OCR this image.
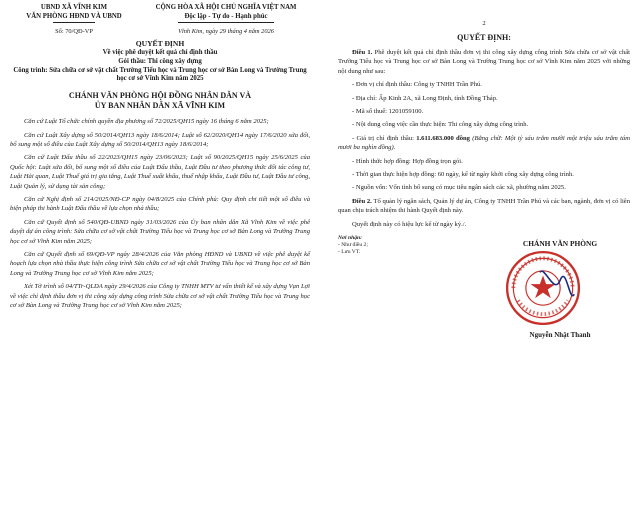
UBND XÃ VĨNH KIM
VĂN PHÒNG HĐND VÀ UBND
CỘNG HÒA XÃ HỘI CHỦ NGHĨA VIỆT NAM
Độc lập - Tự do - Hạnh phúc
Số: 70/QĐ-VP	Vĩnh Kim, ngày 29 tháng 4 năm 2026
QUYẾT ĐỊNH
Về việc phê duyệt kết quả chỉ định thầu
Gói thầu: Thi công xây dựng
Công trình: Sửa chữa cơ sở vật chất Trường Tiểu học và Trung học cơ sở Bàn Long và Trường Trung học cơ sở Vĩnh Kim năm 2025
CHÁNH VĂN PHÒNG HỘI ĐỒNG NHÂN DÂN VÀ
ỦY BAN NHÂN DÂN XÃ VĨNH KIM

Căn cứ Luật Tổ chức chính quyền địa phương số 72/2025/QH15 ngày 16 tháng 6 năm 2025;

Căn cứ Luật Xây dựng số 50/2014/QH13 ngày 18/6/2014; Luật số 62/2020/QH14 ngày 17/6/2020 sửa đổi, bổ sung một số điều của Luật Xây dựng số 50/2014/QH13 ngày 18/6/2014;

Căn cứ Luật Đấu thầu số 22/2023/QH15 ngày 23/06/2023; Luật số 90/2025/QH15 ngày 25/6/2025 của Quốc hội: Luật sửa đổi, bổ sung một số điều của Luật Đấu thầu, Luật Đầu tư theo phương thức đối tác công tư, Luật Hải quan, Luật Thuế giá trị gia tăng, Luật Thuế xuất khẩu, thuế nhập khẩu, Luật Đầu tư, Luật Đầu tư công, Luật Quản lý, sử dụng tài sản công;

Căn cứ Nghị định số 214/2025/NĐ-CP ngày 04/8/2025 của Chính phủ: Quy định chi tiết một số điều và biện pháp thi hành Luật Đấu thầu về lựa chọn nhà thầu;

Căn cứ Quyết định số 540/QĐ-UBND ngày 31/03/2026 của Ủy ban nhân dân Xã Vĩnh Kim về việc phê duyệt dự án công trình: Sửa chữa cơ sở vật chất Trường Tiểu học và Trung học cơ sở Bàn Long và Trường Trung học cơ sở Vĩnh Kim năm 2025;

Căn cứ Quyết định số 69/QĐ-VP ngày 28/4/2026 của Văn phòng HĐND và UBND về việc phê duyệt kế hoạch lựa chọn nhà thầu thực hiện công trình Sửa chữa cơ sở vật chất Trường Tiểu học và Trung học cơ sở Bàn Long và Trường Trung học cơ sở Vĩnh Kim năm 2025;

Xét Tờ trình số 04/TTr-QLDA ngày 29/4/2026 của Công ty TNHH MTV tư vấn thiết kế và xây dựng Vạn Lợi về việc chỉ định thầu đơn vị thi công xây dựng công trình Sửa chữa cơ sở vật chất Trường Tiểu học và Trung học cơ sở Bàn Long và Trường Trung học cơ sở Vĩnh Kim năm 2025;

2
QUYẾT ĐỊNH:

Điều 1. Phê duyệt kết quả chỉ định thầu đơn vị thi công xây dựng công trình Sửa chữa cơ sở vật chất Trường Tiểu học và Trung học cơ sở Bàn Long và Trường Trung học cơ sở Vĩnh Kim năm 2025 với những nội dung như sau:

- Đơn vị chỉ định thầu: Công ty TNHH Trần Phú.

- Địa chỉ: Ấp Kinh 2A, xã Long Định, tỉnh Đồng Tháp.

- Mã số thuế: 1201059100.

- Nội dung công việc cần thực hiện: Thi công xây dựng công trình.

- Giá trị chỉ định thầu: 1.611.683.000 đồng (Bằng chữ: Một tỷ sáu trăm mười một triệu sáu trăm tám mươi ba nghìn đồng).

- Hình thức hợp đồng: Hợp đồng trọn gói.

- Thời gian thực hiện hợp đồng: 60 ngày, kể từ ngày khởi công xây dựng công trình.

- Nguồn vốn: Vốn tỉnh bổ sung có mục tiêu ngân sách các xã, phường năm 2025.

Điều 2. Tổ quản lý ngân sách, Quản lý dự án, Công ty TNHH Trần Phú và các ban, ngành, đơn vị có liên quan chịu trách nhiệm thi hành Quyết định này.

Quyết định này có hiệu lực kể từ ngày ký./.

Nơi nhận:
- Như điều 2;
- Lưu VT.
CHÁNH VĂN PHÒNG
Nguyễn Nhật Thanh
